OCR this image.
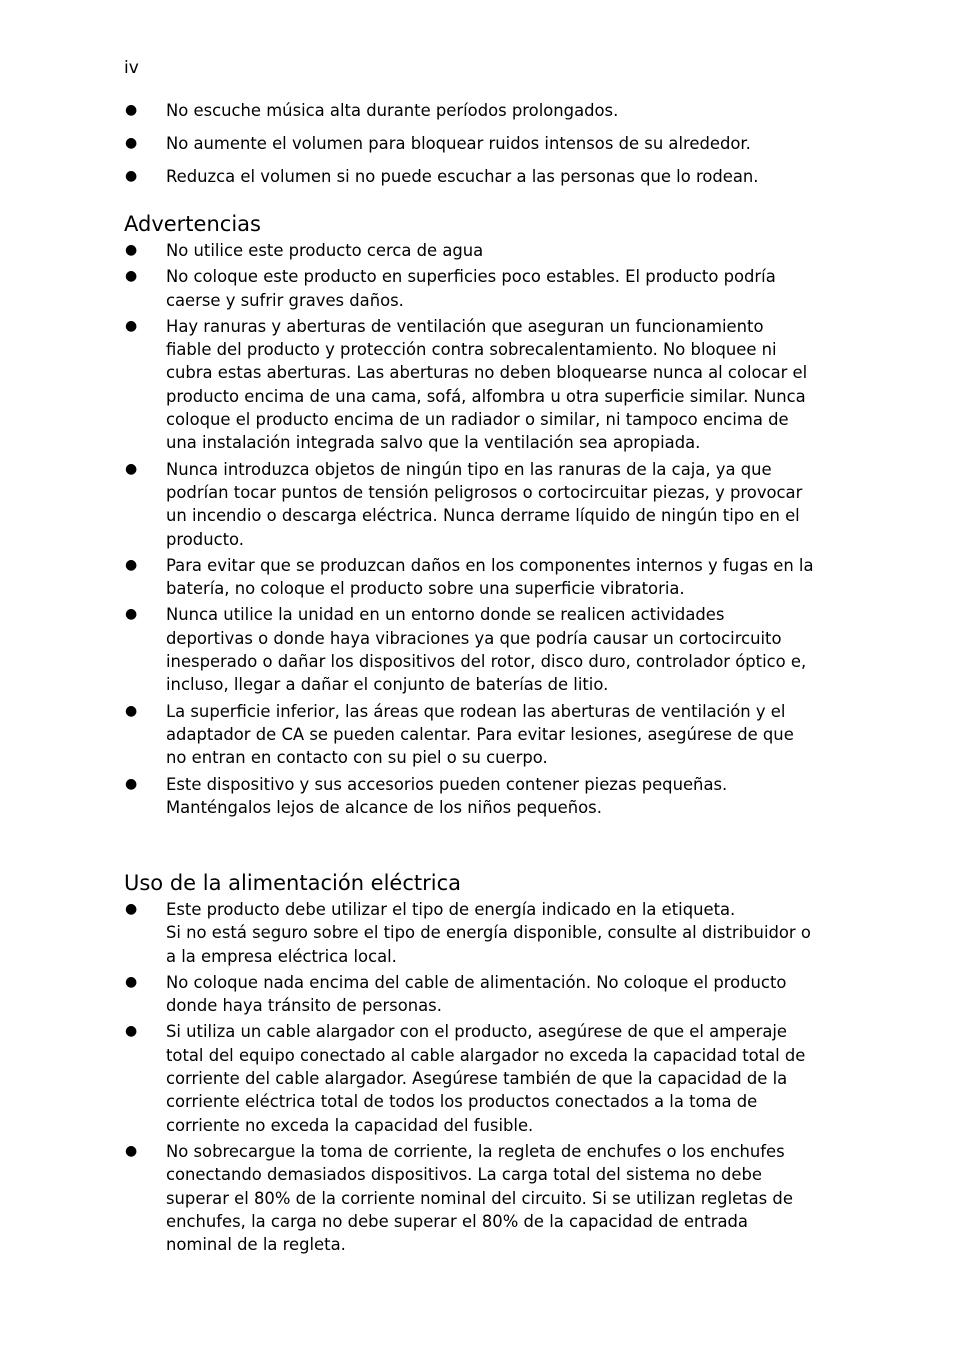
iv
● No escuche música alta durante períodos prolongados.
● No aumente el volumen para bloquear ruidos intensos de su alrededor.
● Reduzca el volumen si no puede escuchar a las personas que lo rodean.
Advertencias
● No utilice este producto cerca de agua
● No coloque este producto en superficies poco estables. El producto podría caerse y sufrir graves daños.
● Hay ranuras y aberturas de ventilación que aseguran un funcionamiento fiable del producto y protección contra sobrecalentamiento. No bloquee ni cubra estas aberturas. Las aberturas no deben bloquearse nunca al colocar el producto encima de una cama, sofá, alfombra u otra superficie similar. Nunca coloque el producto encima de un radiador o similar, ni tampoco encima de una instalación integrada salvo que la ventilación sea apropiada.
● Nunca introduzca objetos de ningún tipo en las ranuras de la caja, ya que podrían tocar puntos de tensión peligrosos o cortocircuitar piezas, y provocar un incendio o descarga eléctrica. Nunca derrame líquido de ningún tipo en el producto.
● Para evitar que se produzcan daños en los componentes internos y fugas en la batería, no coloque el producto sobre una superficie vibratoria.
● Nunca utilice la unidad en un entorno donde se realicen actividades deportivas o donde haya vibraciones ya que podría causar un cortocircuito inesperado o dañar los dispositivos del rotor, disco duro, controlador óptico e, incluso, llegar a dañar el conjunto de baterías de litio.
● La superficie inferior, las áreas que rodean las aberturas de ventilación y el adaptador de CA se pueden calentar. Para evitar lesiones, asegúrese de que no entran en contacto con su piel o su cuerpo.
● Este dispositivo y sus accesorios pueden contener piezas pequeñas. Manténgalos lejos de alcance de los niños pequeños.
Uso de la alimentación eléctrica
● Este producto debe utilizar el tipo de energía indicado en la etiqueta.
Si no está seguro sobre el tipo de energía disponible, consulte al distribuidor o a la empresa eléctrica local.
● No coloque nada encima del cable de alimentación. No coloque el producto donde haya tránsito de personas.
● Si utiliza un cable alargador con el producto, asegúrese de que el amperaje total del equipo conectado al cable alargador no exceda la capacidad total de corriente del cable alargador. Asegúrese también de que la capacidad de la corriente eléctrica total de todos los productos conectados a la toma de corriente no exceda la capacidad del fusible.
● No sobrecargue la toma de corriente, la regleta de enchufes o los enchufes conectando demasiados dispositivos. La carga total del sistema no debe superar el 80% de la corriente nominal del circuito. Si se utilizan regletas de enchufes, la carga no debe superar el 80% de la capacidad de entrada nominal de la regleta.
